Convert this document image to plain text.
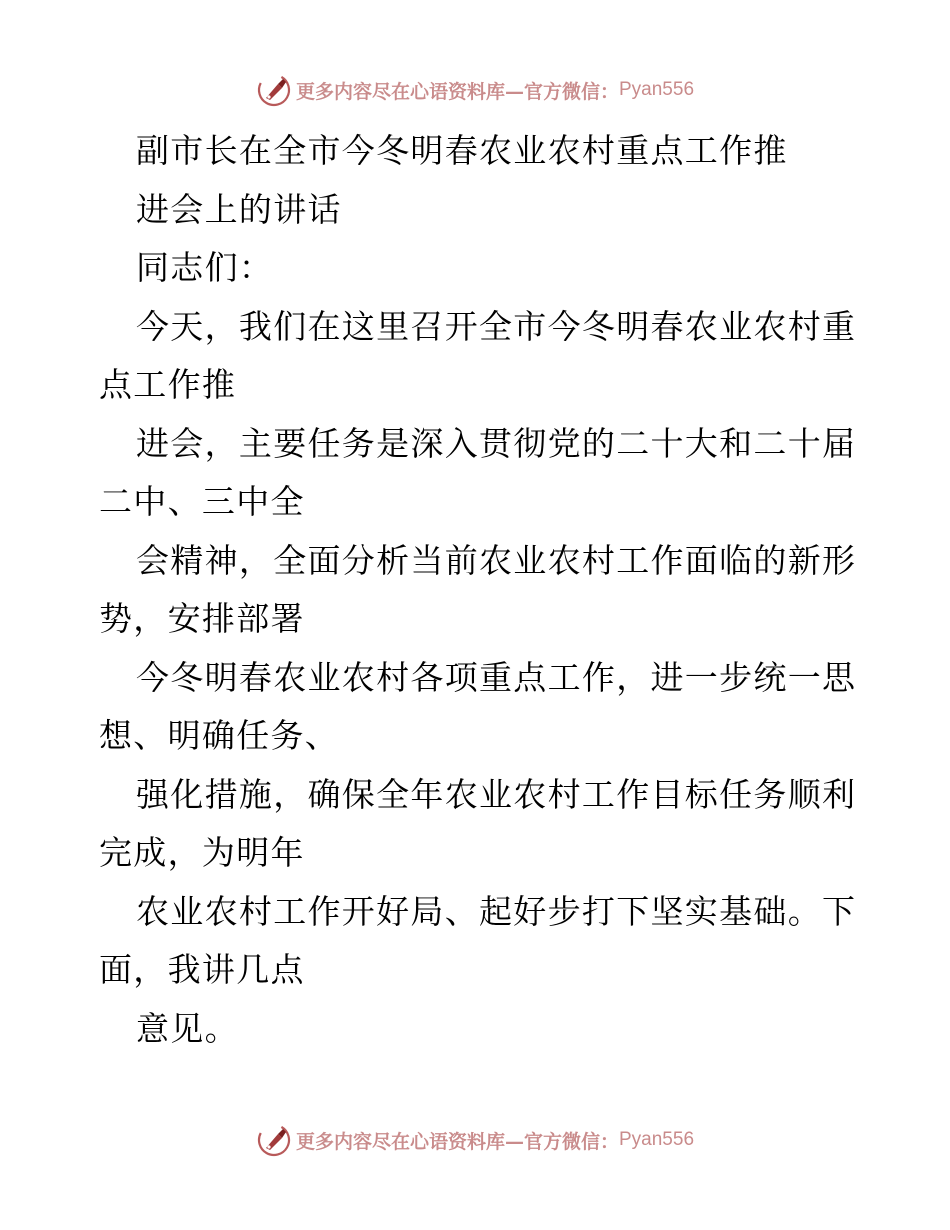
更多内容尽在心语资料库—官方微信： Pyan556
副市长在全市今冬明春农业农村重点工作推
进会上的讲话
同志们：
今天，我们在这里召开全市今冬明春农业农村重
点工作推
进会，主要任务是深入贯彻党的二十大和二十届
二中、三中全
会精神，全面分析当前农业农村工作面临的新形
势，安排部署
今冬明春农业农村各项重点工作，进一步统一思
想、明确任务、
强化措施，确保全年农业农村工作目标任务顺利
完成，为明年
农业农村工作开好局、起好步打下坚实基础。下
面，我讲几点
意见。
更多内容尽在心语资料库—官方微信： Pyan556
